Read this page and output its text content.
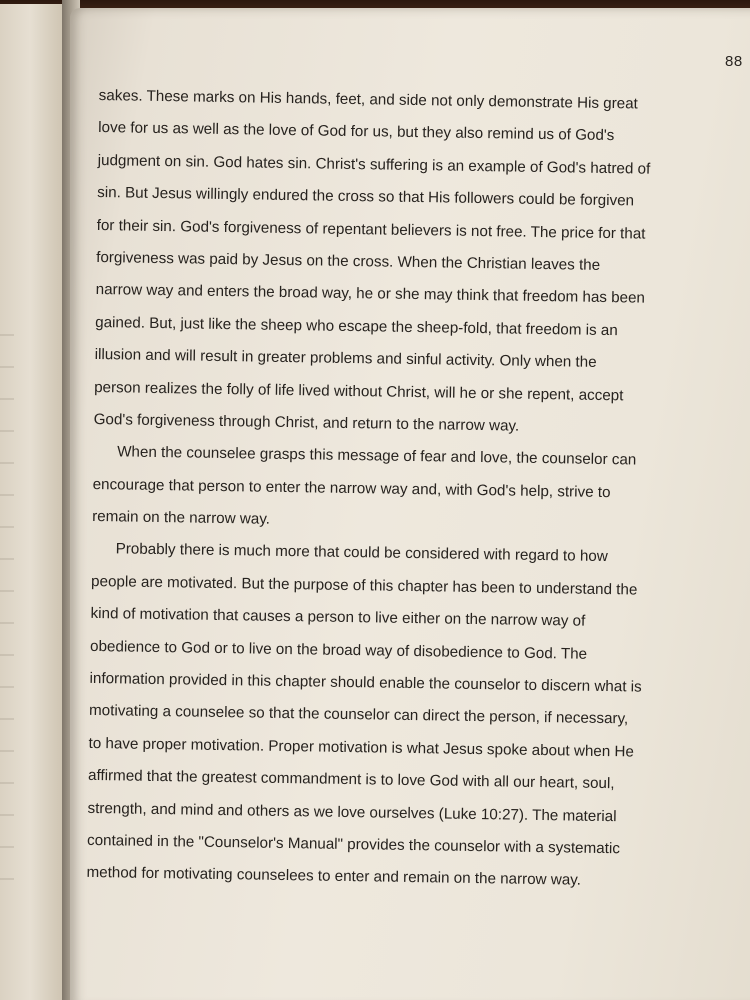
88
sakes. These marks on His hands, feet, and side not only demonstrate His great
love for us as well as the love of God for us, but they also remind us of God's
judgment on sin. God hates sin. Christ's suffering is an example of God's hatred of
sin. But Jesus willingly endured the cross so that His followers could be forgiven
for their sin. God's forgiveness of repentant believers is not free. The price for that
forgiveness was paid by Jesus on the cross. When the Christian leaves the
narrow way and enters the broad way, he or she may think that freedom has been
gained. But, just like the sheep who escape the sheep-fold, that freedom is an
illusion and will result in greater problems and sinful activity. Only when the
person realizes the folly of life lived without Christ, will he or she repent, accept
God's forgiveness through Christ, and return to the narrow way.
When the counselee grasps this message of fear and love, the counselor can
encourage that person to enter the narrow way and, with God's help, strive to
remain on the narrow way.
Probably there is much more that could be considered with regard to how
people are motivated. But the purpose of this chapter has been to understand the
kind of motivation that causes a person to live either on the narrow way of
obedience to God or to live on the broad way of disobedience to God. The
information provided in this chapter should enable the counselor to discern what is
motivating a counselee so that the counselor can direct the person, if necessary,
to have proper motivation. Proper motivation is what Jesus spoke about when He
affirmed that the greatest commandment is to love God with all our heart, soul,
strength, and mind and others as we love ourselves (Luke 10:27). The material
contained in the "Counselor's Manual" provides the counselor with a systematic
method for motivating counselees to enter and remain on the narrow way.
